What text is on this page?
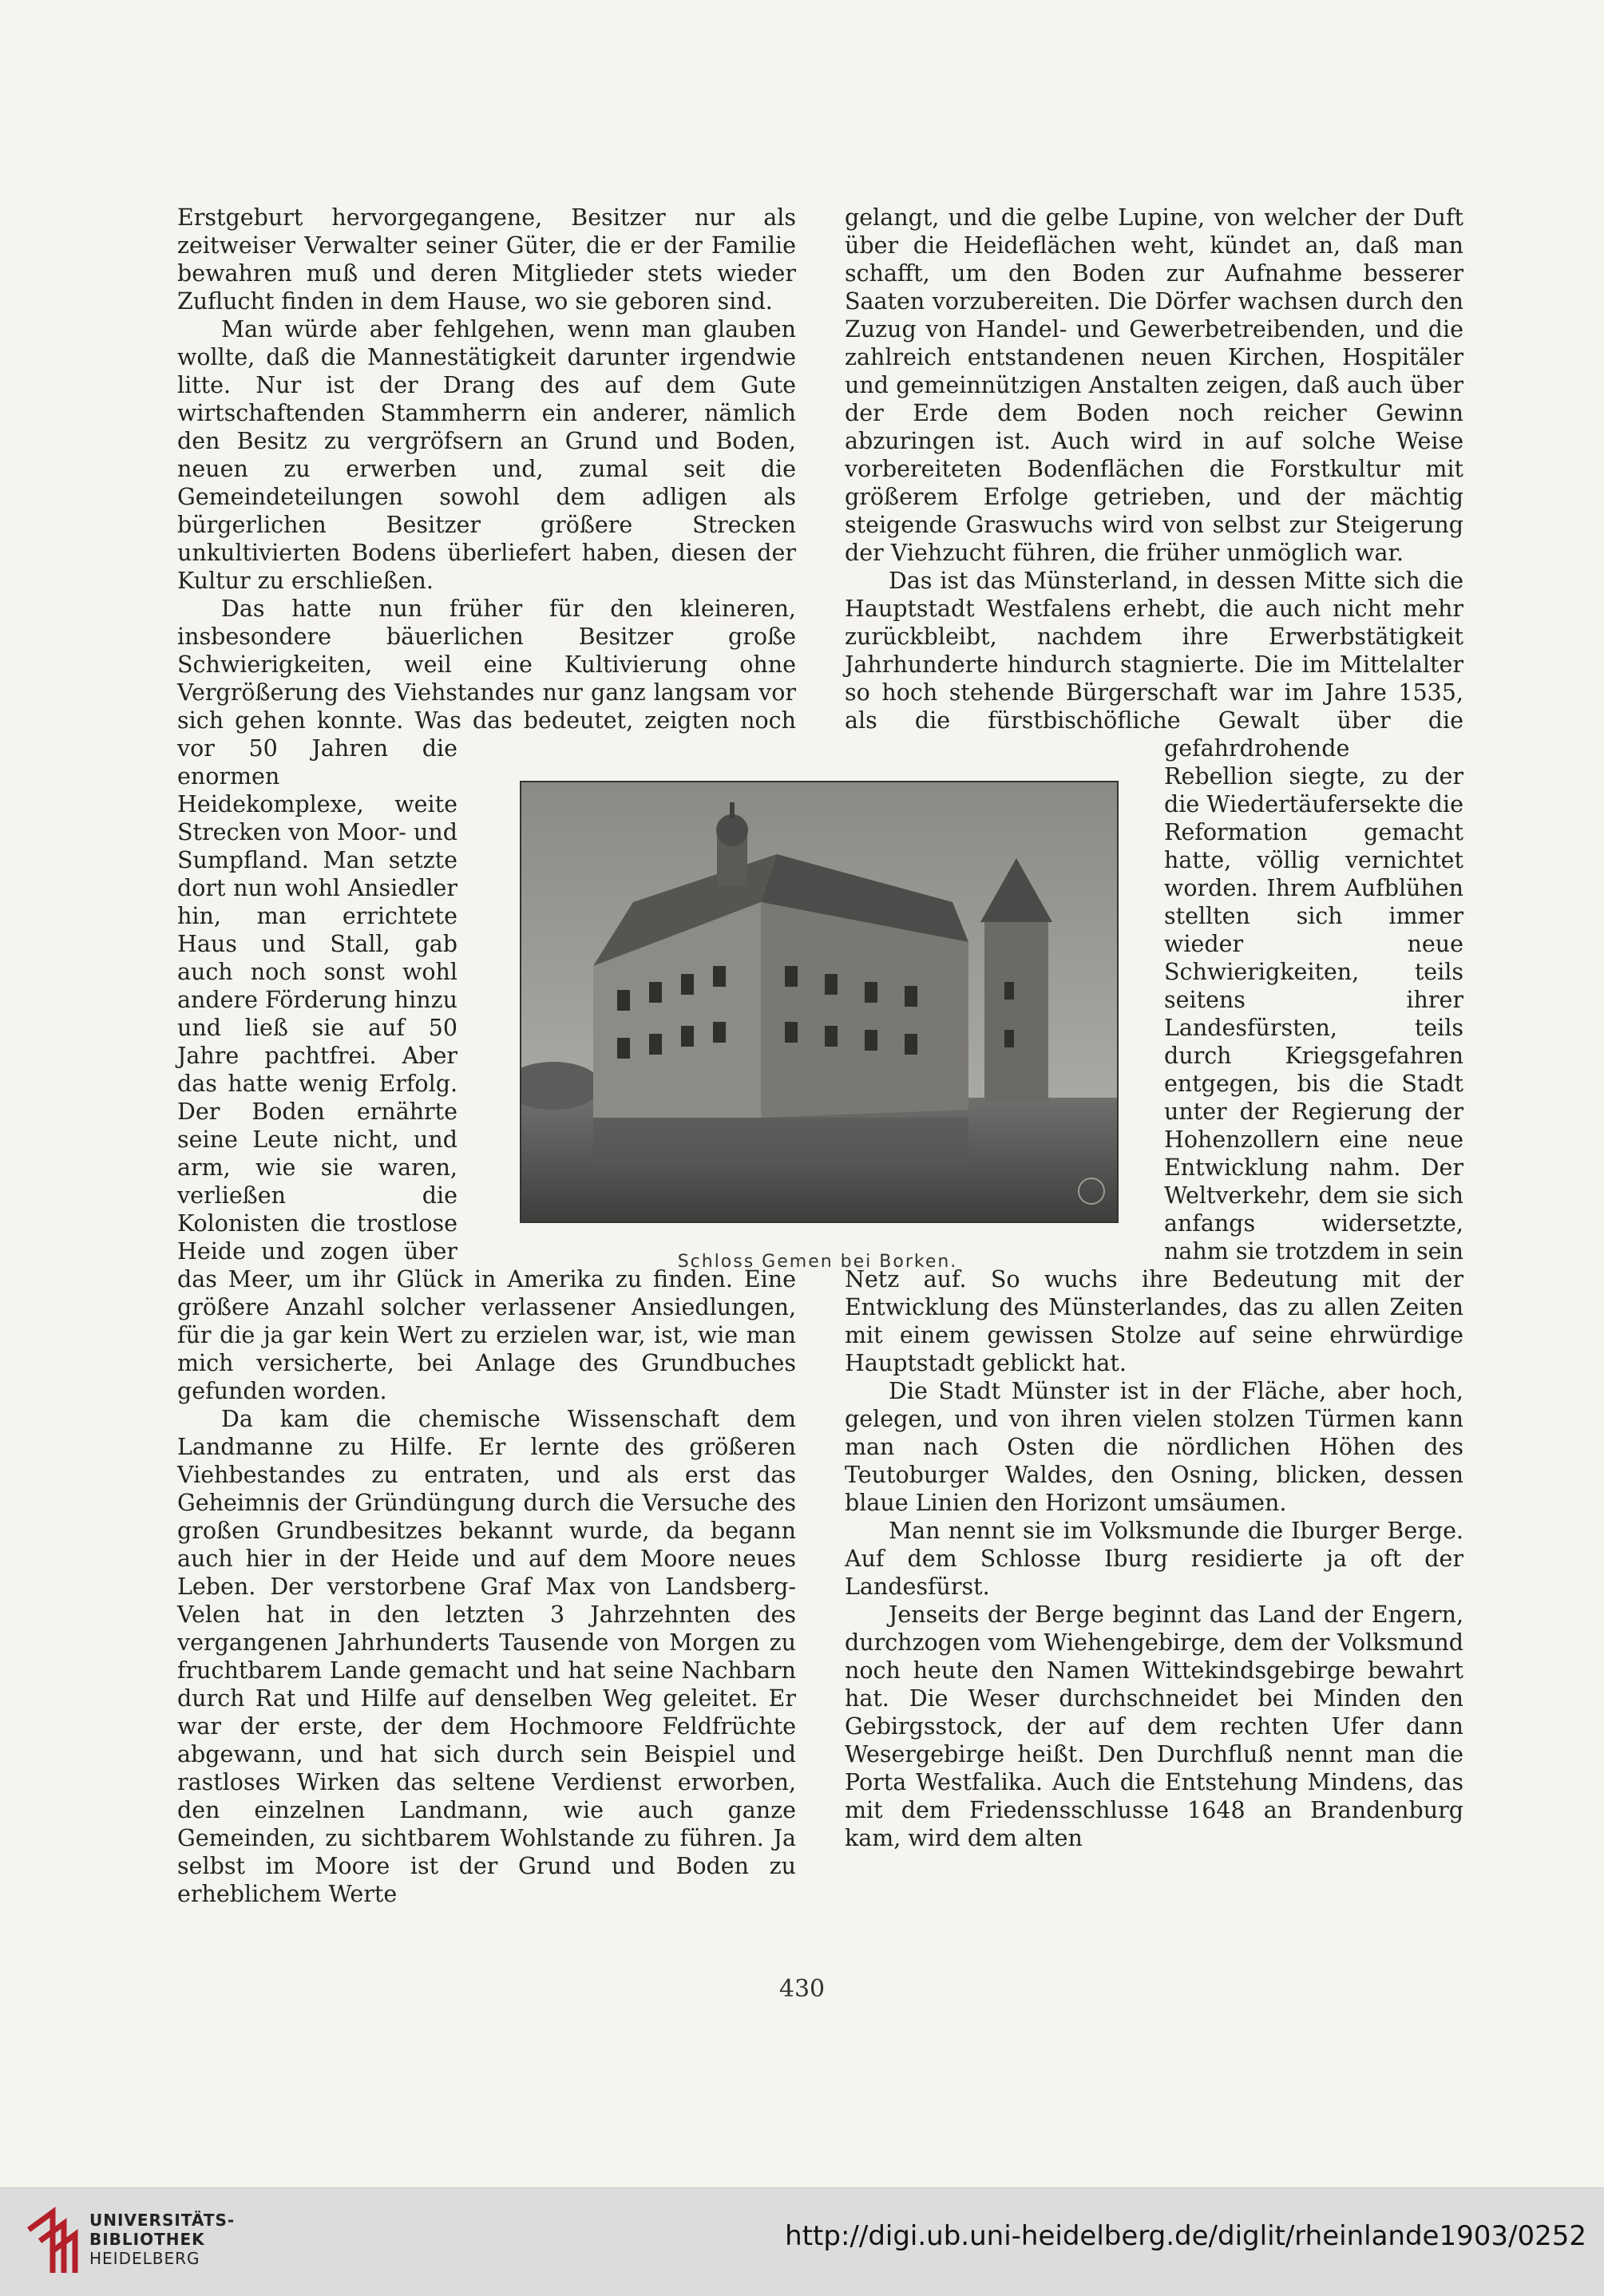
Erstgeburt hervorgegangene, Besitzer nur als zeitweiser Verwalter seiner Güter, die er der Familie bewahren muß und deren Mitglieder stets wieder Zuflucht finden in dem Hause, wo sie geboren sind.

Man würde aber fehlgehen, wenn man glauben wollte, daß die Mannestätigkeit darunter irgendwie litte. Nur ist der Drang des auf dem Gute wirtschaftenden Stammherrn ein anderer, nämlich den Besitz zu vergröfsern an Grund und Boden, neuen zu erwerben und, zumal seit die Gemeindeteilungen sowohl dem adligen als bürgerlichen Besitzer größere Strecken unkultivierten Bodens überliefert haben, diesen der Kultur zu erschließen.

Das hatte nun früher für den kleineren, insbesondere bäuerlichen Besitzer große Schwierigkeiten, weil eine Kultivierung ohne Vergrößerung des Viehstandes nur ganz langsam vor sich gehen konnte. Was das bedeutet, zeigten noch vor 50 Jahren die enormen Heidekomplexe, weite Strecken von Moor- und Sumpfland. Man setzte dort nun wohl Ansiedler hin, man errichtete Haus und Stall, gab auch noch sonst wohl andere Förderung hinzu und ließ sie auf 50 Jahre pachtfrei. Aber das hatte wenig Erfolg. Der Boden ernährte seine Leute nicht, und arm, wie sie waren, verließen die Kolonisten die trostlose Heide und zogen über das Meer, um ihr Glück in Amerika zu finden. Eine größere Anzahl solcher verlassener Ansiedlungen, für die ja gar kein Wert zu erzielen war, ist, wie man mich versicherte, bei Anlage des Grundbuches gefunden worden.

Da kam die chemische Wissenschaft dem Landmanne zu Hilfe. Er lernte des größeren Viehbestandes zu entraten, und als erst das Geheimnis der Gründüngung durch die Versuche des großen Grundbesitzes bekannt wurde, da begann auch hier in der Heide und auf dem Moore neues Leben. Der verstorbene Graf Max von Landsberg-Velen hat in den letzten 3 Jahrzehnten des vergangenen Jahrhunderts Tausende von Morgen zu fruchtbarem Lande gemacht und hat seine Nachbarn durch Rat und Hilfe auf denselben Weg geleitet. Er war der erste, der dem Hochmoore Feldfrüchte abgewann, und hat sich durch sein Beispiel und rastloses Wirken das seltene Verdienst erworben, den einzelnen Landmann, wie auch ganze Gemeinden, zu sichtbarem Wohlstande zu führen. Ja selbst im Moore ist der Grund und Boden zu erheblichem Werte

gelangt, und die gelbe Lupine, von welcher der Duft über die Heideflächen weht, kündet an, daß man schafft, um den Boden zur Aufnahme besserer Saaten vorzubereiten. Die Dörfer wachsen durch den Zuzug von Handel- und Gewerbetreibenden, und die zahlreich entstandenen neuen Kirchen, Hospitäler und gemeinnützigen Anstalten zeigen, daß auch über der Erde dem Boden noch reicher Gewinn abzuringen ist. Auch wird in auf solche Weise vorbereiteten Bodenflächen die Forstkultur mit größerem Erfolge getrieben, und der mächtig steigende Graswuchs wird von selbst zur Steigerung der Viehzucht führen, die früher unmöglich war.

Das ist das Münsterland, in dessen Mitte sich die Hauptstadt Westfalens erhebt, die auch nicht mehr zurückbleibt, nachdem ihre Erwerbstätigkeit Jahrhunderte hindurch stagnierte. Die im Mittelalter so hoch stehende Bürgerschaft war im Jahre 1535, als die fürstbischöfliche Gewalt über die gefahrdrohende Rebellion siegte, zu der die Wiedertäufersekte die Reformation gemacht hatte, völlig vernichtet worden. Ihrem Aufblühen stellten sich immer wieder neue Schwierigkeiten, teils seitens ihrer Landesfürsten, teils durch Kriegsgefahren entgegen, bis die Stadt unter der Regierung der Hohenzollern eine neue Entwicklung nahm. Der Weltverkehr, dem sie sich anfangs widersetzte, nahm sie trotzdem in sein Netz auf. So wuchs ihre Bedeutung mit der Entwicklung des Münsterlandes, das zu allen Zeiten mit einem gewissen Stolze auf seine ehrwürdige Hauptstadt geblickt hat.

Die Stadt Münster ist in der Fläche, aber hoch, gelegen, und von ihren vielen stolzen Türmen kann man nach Osten die nördlichen Höhen des Teutoburger Waldes, den Osning, blicken, dessen blaue Linien den Horizont umsäumen.

Man nennt sie im Volksmunde die Iburger Berge. Auf dem Schlosse Iburg residierte ja oft der Landesfürst.

Jenseits der Berge beginnt das Land der Engern, durchzogen vom Wiehengebirge, dem der Volksmund noch heute den Namen Wittekindsgebirge bewahrt hat. Die Weser durchschneidet bei Minden den Gebirgsstock, der auf dem rechten Ufer dann Wesergebirge heißt. Den Durchfluß nennt man die Porta Westfalika. Auch die Entstehung Mindens, das mit dem Friedensschlusse 1648 an Brandenburg kam, wird dem alten

Schloss Gemen bei Borken.
430
UNIVERSITÄTS-
BIBLIOTHEK
HEIDELBERG
http://digi.ub.uni-heidelberg.de/diglit/rheinlande1903/0252
